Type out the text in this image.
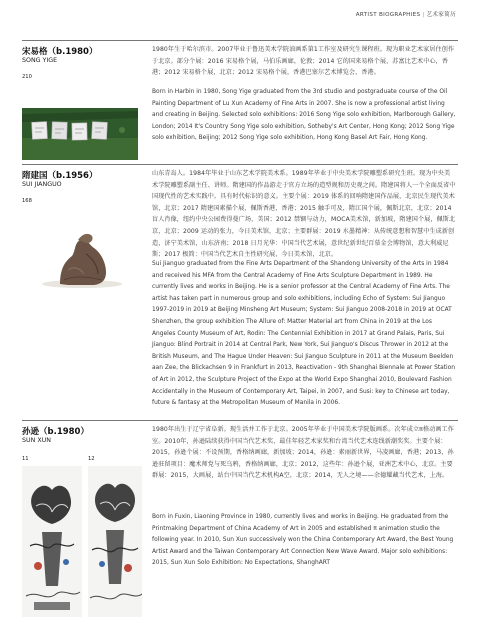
ARTIST BIOGRAPHIES | 艺术家简历
宋易格（b.1980）
SONG YIGE
210
1980年生于哈尔滨市。2007毕业于鲁迅美术学院油画系第1工作室及研究生课程班。现为职业艺术家居住创作于北京。部分个展：2016 宋易格个展，马伯乐画廊，伦敦；2014 它的国来易格个展，苏富比艺术中心，香港；2012 宋易格个展，北京；2012 宋易格个展，香港巴塞尔艺术博览会，香港。
Born in Harbin in 1980, Song Yige graduated from the 3rd studio and postgraduate course of the Oil Painting Department of Lu Xun Academy of Fine Arts in 2007. She is now a professional artist living and creating in Beijing. Selected solo exhibitions: 2016 Song Yige solo exhibition, Marlborough Gallery, London; 2014 It's Country Song Yige solo exhibition, Sotheby's Art Center, Hong Kong; 2012 Song Yige solo exhibition, Beijing; 2012 Song Yige solo exhibition, Hong Kong Basel Art Fair, Hong Kong.
隋建国（b.1956）
SUI JIANGUO
168
山东青岛人。1984年毕业于山东艺术学院美术系。1989年毕业于中央美术学院雕塑系研究生班。现为中央美术学院雕塑系副主任、讲师。隋建国的作品游走于官方立场的造型规和历史观之间。隋建国将人一个全面反省中国现代性的艺术实践中。具有时代标识的意义。主要个展：2019 体系的回响隋建国作品展，北京民生现代美术馆，北京；2017 隋建国素描个展，佩斯香港，香港；2015 触手可及，隋江国个展，佩斯北京，北京；2014 盲人肖像，纽约中央公园费得曼广场，美国；2012 禁锢与动力，MOCA美术馆，新加坡，隋建国个展，佩斯北京，北京；2009 运动的张力，今日美术馆，北京；主要群展：2019 水墨精神：从传统意想和智慧中生成新创造，济宁美术馆，山东济南；2018 日月光华：中国当代艺术展，意世纪新世纪百慕金会博物馆，意大利威尼斯；2017 极简：中国当代艺术自主性研究展，今日美术馆，北京。
Sui Jianguo graduated from the Fine Arts Department of the Shandong University of the Arts in 1984 and received his MFA from the Central Academy of Fine Arts Sculpture Department in 1989. He currently lives and works in Beijing. He is a senior professor at the Central Academy of Fine Arts. The artist has taken part in numerous group and solo exhibitions, including Echo of System: Sui Jianguo 1997-2019 in 2019 at Beijing Minsheng Art Museum; System: Sui Jianguo 2008-2018 in 2019 at OCAT Shenzhen, the group exhibition The Allure of: Matter Material art from China in 2019 at the Los Angeles County Museum of Art, Rodin: The Centennial Exhibition in 2017 at Grand Palais, Paris, Sui Jianguo: Blind Portrait in 2014 at Central Park, New York, Sui Jianguo's Discus Thrower in 2012 at the British Museum, and The Hague Under Heaven: Sui Jianguo Sculpture in 2011 at the Museum Beelden aan Zee, the Blickachsen 9 in Frankfurt in 2013, Reactivation - 9th Shanghai Biennale at Power Station of Art in 2012, the Sculpture Project of the Expo at the World Expo Shanghai 2010, Boulevard Fashion Accidentally in the Museum of Contemporary Art, Taipei, in 2007, and Susi: key to Chinese art today, future & fantasy at the Metropolitan Museum of Manila in 2006.
孙逊（b.1980）
SUN XUN
11	12
1980年出生于辽宁省阜新。现生活并工作于北京。2005年毕业于中国美术学院版画系。次年成立π格动画工作室。2010年，孙逊陆续获得中国当代艺术奖、最佳年轻艺术家奖和台湾当代艺术连线新潮奖奖。主要个展：2015，孙逊个展：不设预期，香格纳画廊，新加坡；2014，孙逊：素丽新世界，马凌画廊，香港；2013，孙逊驻留项目：魔术师党与死乌鸦，香格纳画廊，北京；2012，这些年：孙逊个展，亚洲艺术中心，北京。主要群展：2015，大画展，站台中国当代艺术机构A空，北京；2014，无人之境——余德耀藏当代艺术，上海。
Born in Fuxin, Liaoning Province in 1980, currently lives and works in Beijing. He graduated from the Printmaking Department of China Academy of Art in 2005 and established π animation studio the following year. In 2010, Sun Xun successively won the China Contemporary Art Award, the Best Young Artist Award and the Taiwan Contemporary Art Connection New Wave Award. Major solo exhibitions: 2015, Sun Xun Solo Exhibition: No Expectations, ShanghART
